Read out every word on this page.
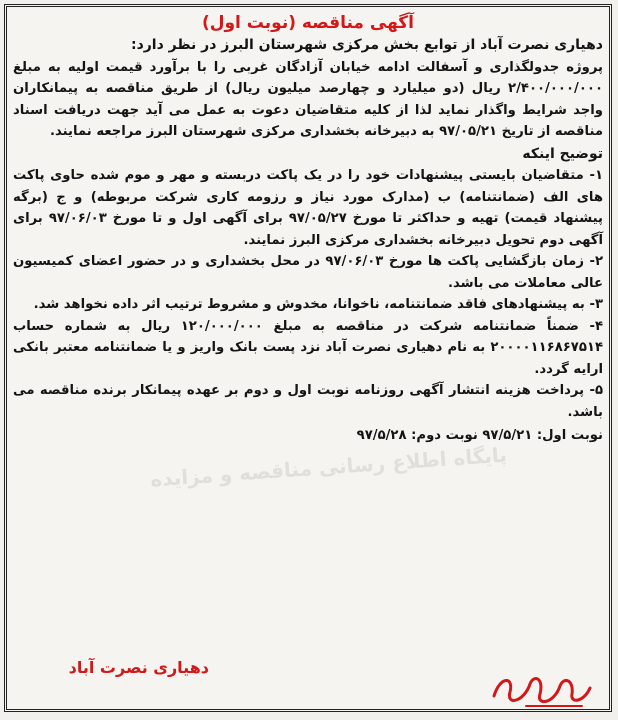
آگهی مناقصه (نوبت اول)

دهیاری نصرت آباد از توابع بخش مرکزی شهرستان البرز در نظر دارد:

پروژه جدولگذاری و آسفالت ادامه خیابان آزادگان غربی را با برآورد قیمت اولیه به مبلغ ۲/۴۰۰/۰۰۰/۰۰۰ ریال (دو میلیارد و چهارصد میلیون ریال) از طریق مناقصه به پیمانکاران واجد شرایط واگذار نماید لذا از کلیه متقاضیان دعوت به عمل می آید جهت دریافت اسناد مناقصه از تاریخ ۹۷/۰۵/۲۱ به دبیرخانه بخشداری مرکزی شهرستان البرز مراجعه نمایند.

توضیح اینکه

۱- متقاضیان بایستی پیشنهادات خود را در یک پاکت دربسته و مهر و موم شده حاوی پاکت های الف (ضمانتنامه) ب (مدارک مورد نیاز و رزومه کاری شرکت مربوطه) و ج (برگه پیشنهاد قیمت) تهیه و حداکثر تا مورخ ۹۷/۰۵/۲۷ برای آگهی اول و تا مورخ ۹۷/۰۶/۰۳ برای آگهی دوم تحویل دبیرخانه بخشداری مرکزی البرز نمایند.

۲- زمان بازگشایی پاکت ها مورخ ۹۷/۰۶/۰۳ در محل بخشداری و در حضور اعضای کمیسیون عالی معاملات می باشد.

۳- به پیشنهادهای فاقد ضمانتنامه، ناخوانا، مخدوش و مشروط ترتیب اثر داده نخواهد شد.

۴- ضمناً ضمانتنامه شرکت در مناقصه به مبلغ ۱۲۰/۰۰۰/۰۰۰ ریال به شماره حساب ۲۰۰۰۰۱۱۶۸۶۷۵۱۴ به نام دهیاری نصرت آباد نزد پست بانک واریز و یا ضمانتنامه معتبر بانکی ارایه گردد.

۵- پرداخت هزینه انتشار آگهی روزنامه نوبت اول و دوم بر عهده پیمانکار برنده مناقصه می باشد.

نوبت اول: ۹۷/۵/۲۱ نوبت دوم: ۹۷/۵/۲۸

دهیاری نصرت آباد
پایگاه اطلاع رسانی مناقصه و مزایده
